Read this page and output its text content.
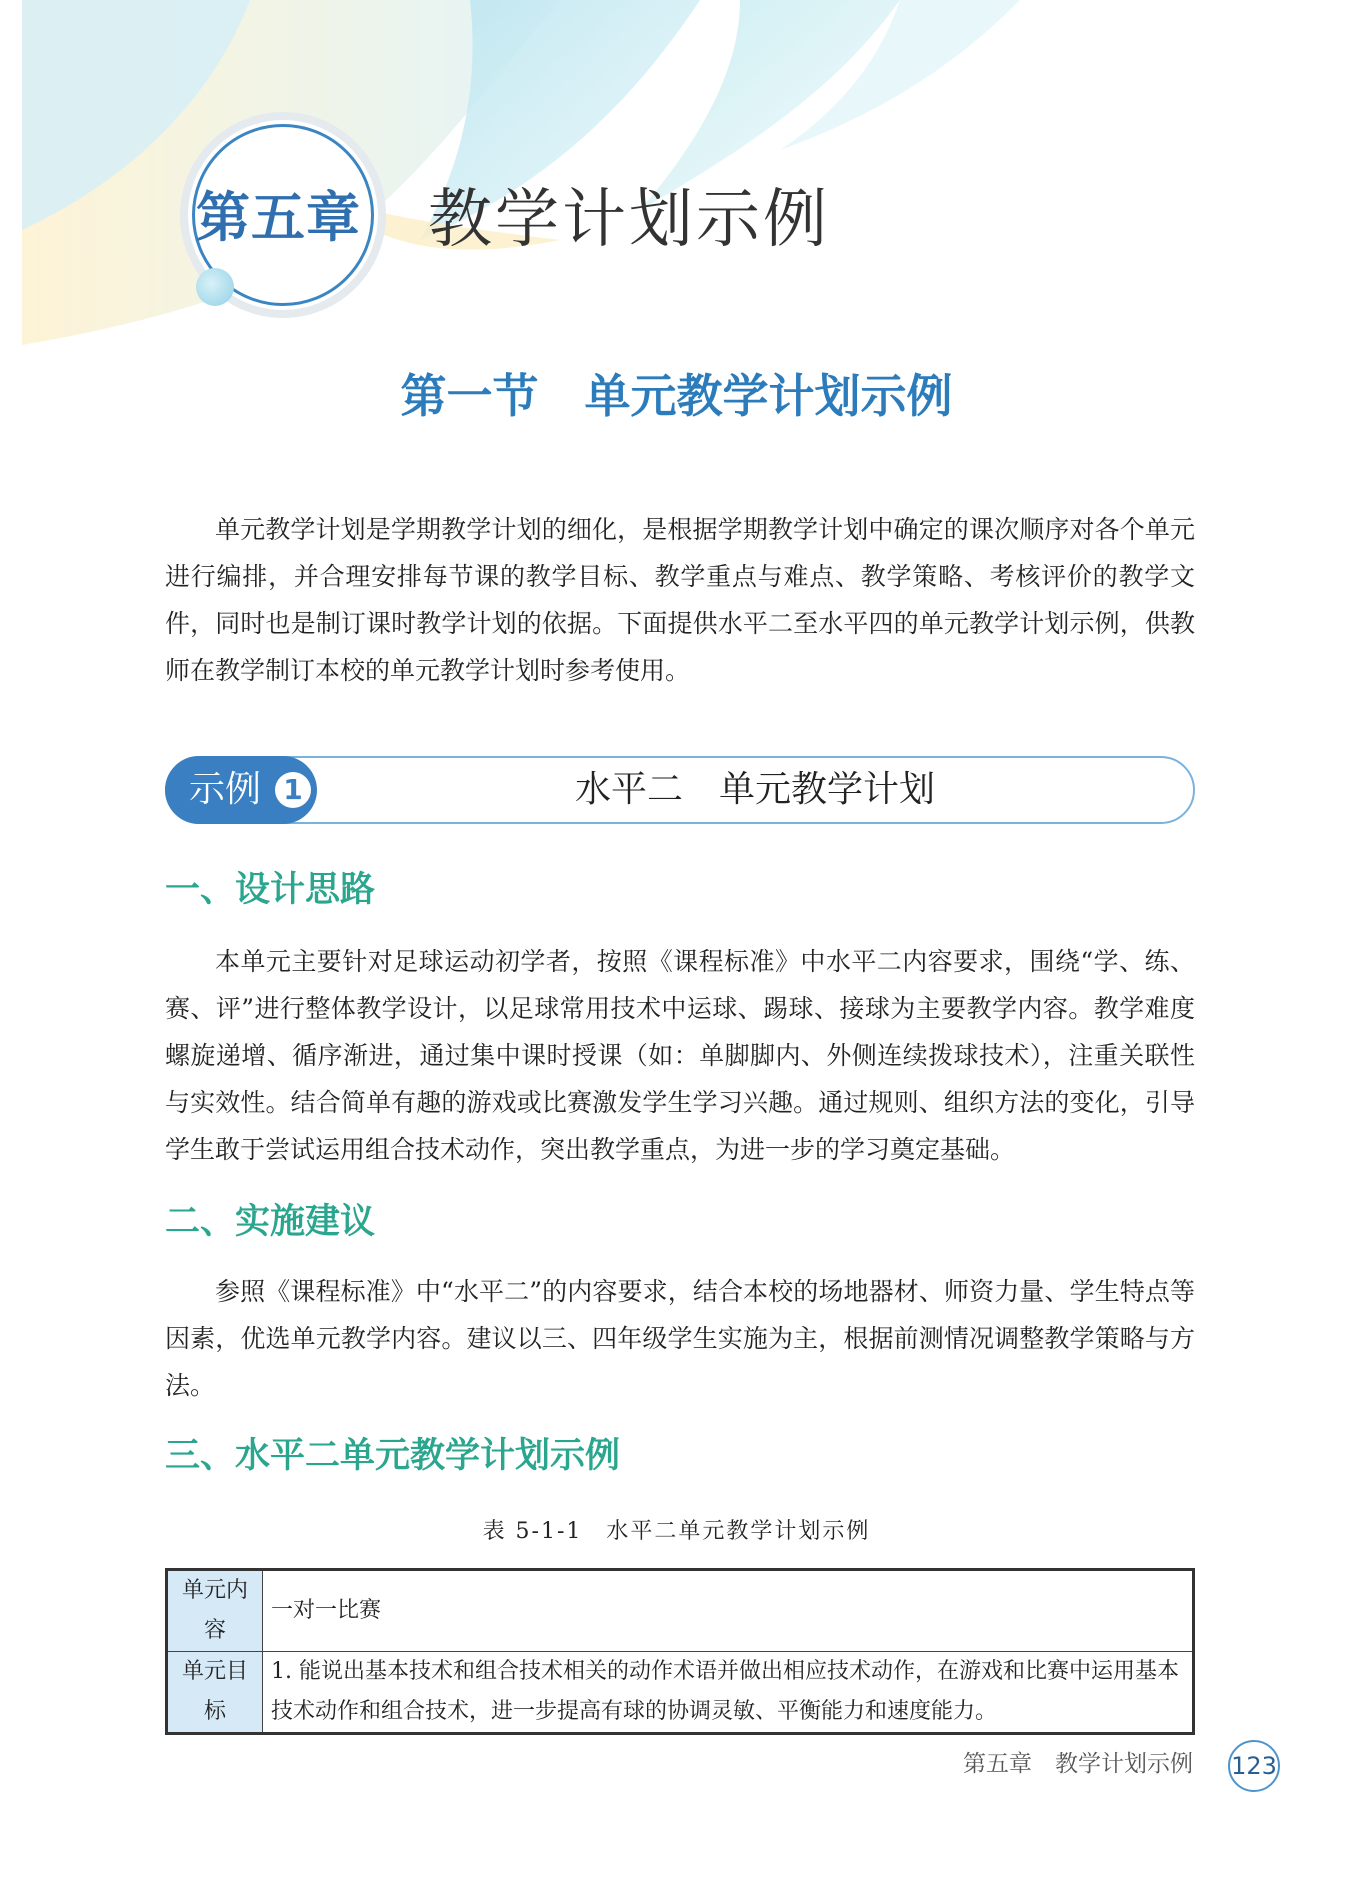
第五章 教学计划示例
第一节　单元教学计划示例

单元教学计划是学期教学计划的细化，是根据学期教学计划中确定的课次顺序对各个单元进行编排，并合理安排每节课的教学目标、教学重点与难点、教学策略、考核评价的教学文件，同时也是制订课时教学计划的依据。下面提供水平二至水平四的单元教学计划示例，供教师在教学制订本校的单元教学计划时参考使用。

示例 1	水平二　单元教学计划
一、设计思路

本单元主要针对足球运动初学者，按照《课程标准》中水平二内容要求，围绕“学、练、赛、评”进行整体教学设计，以足球常用技术中运球、踢球、接球为主要教学内容。教学难度螺旋递增、循序渐进，通过集中课时授课（如：单脚脚内、外侧连续拨球技术），注重关联性与实效性。结合简单有趣的游戏或比赛激发学生学习兴趣。通过规则、组织方法的变化，引导学生敢于尝试运用组合技术动作，突出教学重点，为进一步的学习奠定基础。

二、实施建议

参照《课程标准》中“水平二”的内容要求，结合本校的场地器材、师资力量、学生特点等因素，优选单元教学内容。建议以三、四年级学生实施为主，根据前测情况调整教学策略与方法。

三、水平二单元教学计划示例
表 5-1-1　水平二单元教学计划示例
单元内容	一对一比赛
单元目标	1. 能说出基本技术和组合技术相关的动作术语并做出相应技术动作，在游戏和比赛中运用基本技术动作和组合技术，进一步提高有球的协调灵敏、平衡能力和速度能力。
第五章　教学计划示例 123
